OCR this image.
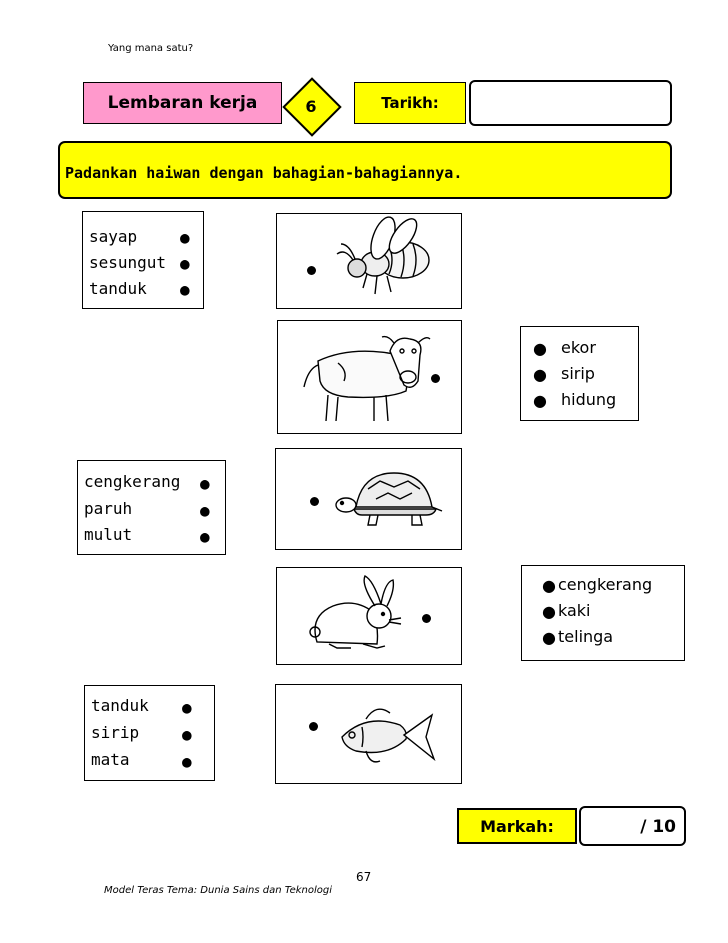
Yang mana satu?
Lembaran kerja	6	Tarikh:
Padankan haiwan dengan bahagian-bahagiannya.
sayap
sesungut
tanduk
●
●
●
●
●
●
ekor
sirip
hidung
cengkerang
paruh
mulut
●
●
●
●
●
●
cengkerang
kaki
telinga
tanduk
sirip
mata
●
●
●
Markah:	/ 10
67
Model Teras Tema: Dunia Sains dan Teknologi
